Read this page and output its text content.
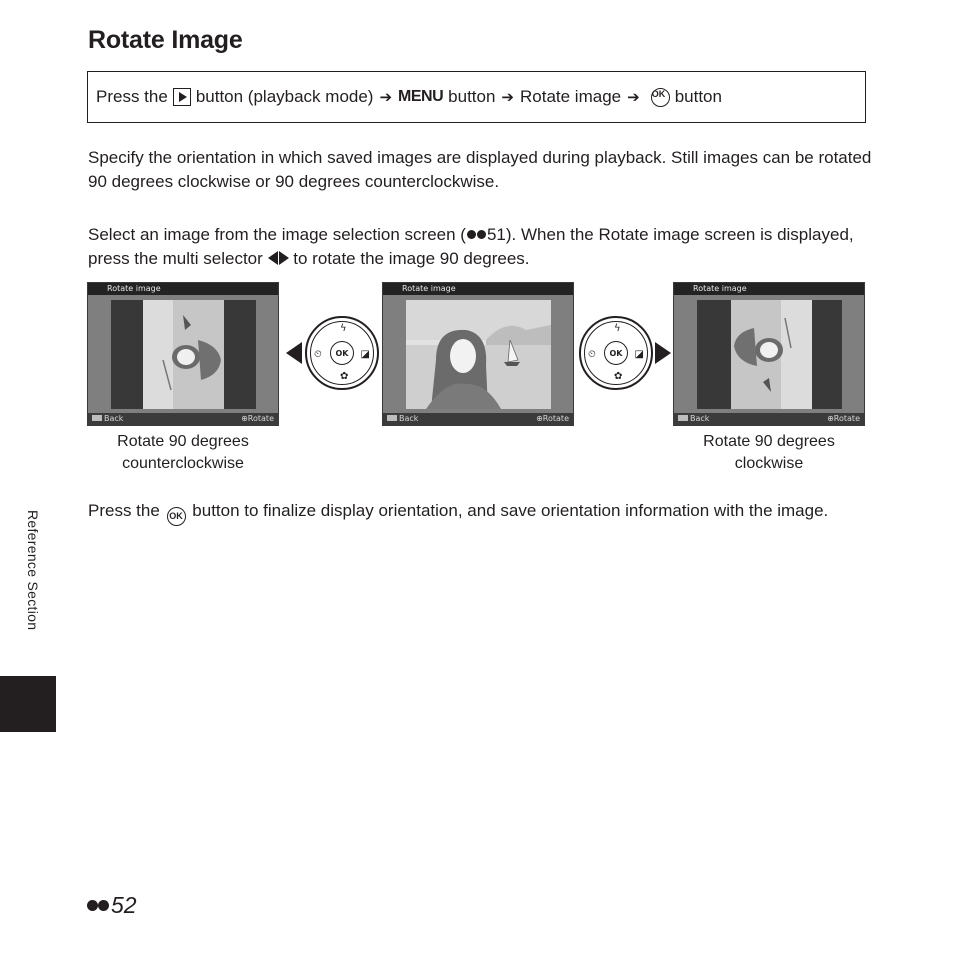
Rotate Image
Press the button (playback mode) ➔ MENU button ➔ Rotate image ➔ OK button
Specify the orientation in which saved images are displayed during playback. Still images can be rotated 90 degrees clockwise or 90 degrees counterclockwise.
Select an image from the image selection screen ( 51). When the Rotate image screen is displayed, press the multi selector to rotate the image 90 degrees.
Rotate image
Back	⊕Rotate
ϟ
⏲	◪
✿
OK
Rotate image
Back	⊕Rotate
ϟ
⏲	◪
✿
OK
Rotate image
Back	⊕Rotate
Rotate 90 degrees counterclockwise
Rotate 90 degrees clockwise
Press the OK button to finalize display orientation, and save orientation information with the image.
Reference Section
52
